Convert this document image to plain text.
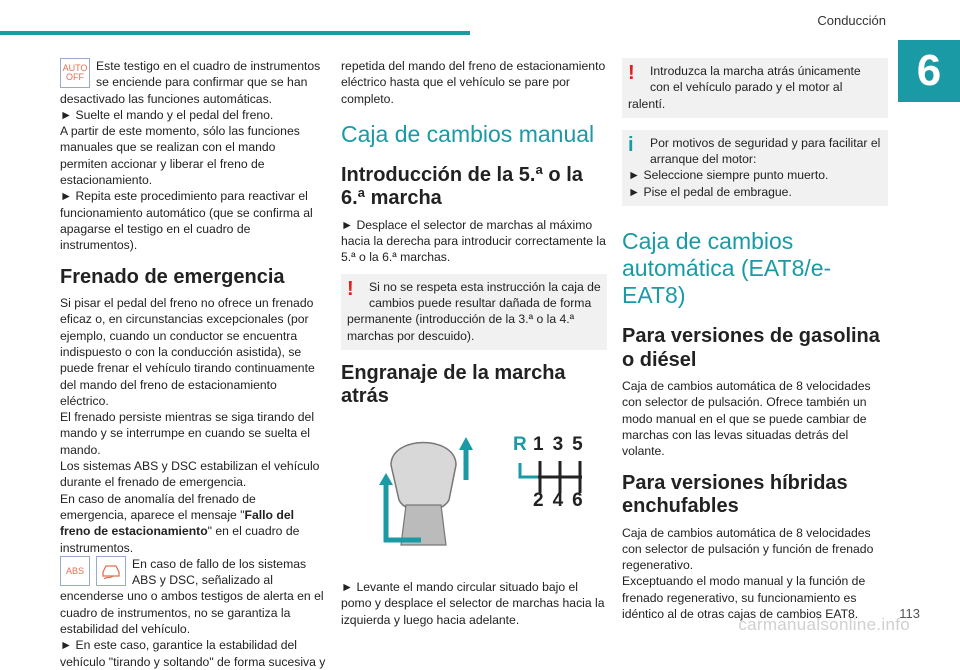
Conducción
6
AUTO
OFF

Este testigo en el cuadro de instrumentos se enciende para confirmar que se han desactivado las funciones automáticas.

► Suelte el mando y el pedal del freno.

A partir de este momento, sólo las funciones manuales que se realizan con el mando permiten accionar y liberar el freno de estacionamiento.

► Repita este procedimiento para reactivar el funcionamiento automático (que se confirma al apagarse el testigo en el cuadro de instrumentos).

Frenado de emergencia

Si pisar el pedal del freno no ofrece un frenado eficaz o, en circunstancias excepcionales (por ejemplo, cuando un conductor se encuentra indispuesto o con la conducción asistida), se puede frenar el vehículo tirando continuamente del mando del freno de estacionamiento eléctrico.

El frenado persiste mientras se siga tirando del mando y se interrumpe en cuando se suelta el mando.

Los sistemas ABS y DSC estabilizan el vehículo durante el frenado de emergencia.

En caso de anomalía del frenado de emergencia, aparece el mensaje "Fallo del freno de estacionamiento" en el cuadro de instrumentos.

ABS	En caso de fallo de los sistemas ABS y DSC, señalizado al encenderse uno o ambos testigos de alerta en el cuadro de instrumentos, no se garantiza la estabilidad del vehículo.

► En este caso, garantice la estabilidad del vehículo "tirando y soltando" de forma sucesiva y

repetida del mando del freno de estacionamiento eléctrico hasta que el vehículo se pare por completo.

Caja de cambios manual
Introducción de la 5.ª o la 6.ª marcha

► Desplace el selector de marchas al máximo hacia la derecha para introducir correctamente la 5.ª o la 6.ª marchas.

!	Si no se respeta esta instrucción la caja de cambios puede resultar dañada de forma permanente (introducción de la 3.ª o la 4.ª marchas por descuido).

Engranaje de la marcha atrás
R 135
246

► Levante el mando circular situado bajo el pomo y desplace el selector de marchas hacia la izquierda y luego hacia adelante.

!	Introduzca la marcha atrás únicamente con el vehículo parado y el motor al ralentí.

i	Por motivos de seguridad y para facilitar el arranque del motor:

► Seleccione siempre punto muerto.

► Pise el pedal de embrague.

Caja de cambios automática (EAT8/e-EAT8)
Para versiones de gasolina o diésel

Caja de cambios automática de 8 velocidades con selector de pulsación. Ofrece también un modo manual en el que se puede cambiar de marchas con las levas situadas detrás del volante.

Para versiones híbridas enchufables

Caja de cambios automática de 8 velocidades con selector de pulsación y función de frenado regenerativo.

Exceptuando el modo manual y la función de frenado regenerativo, su funcionamiento es idéntico al de otras cajas de cambios EAT8.	113
carmanualsonline.info
